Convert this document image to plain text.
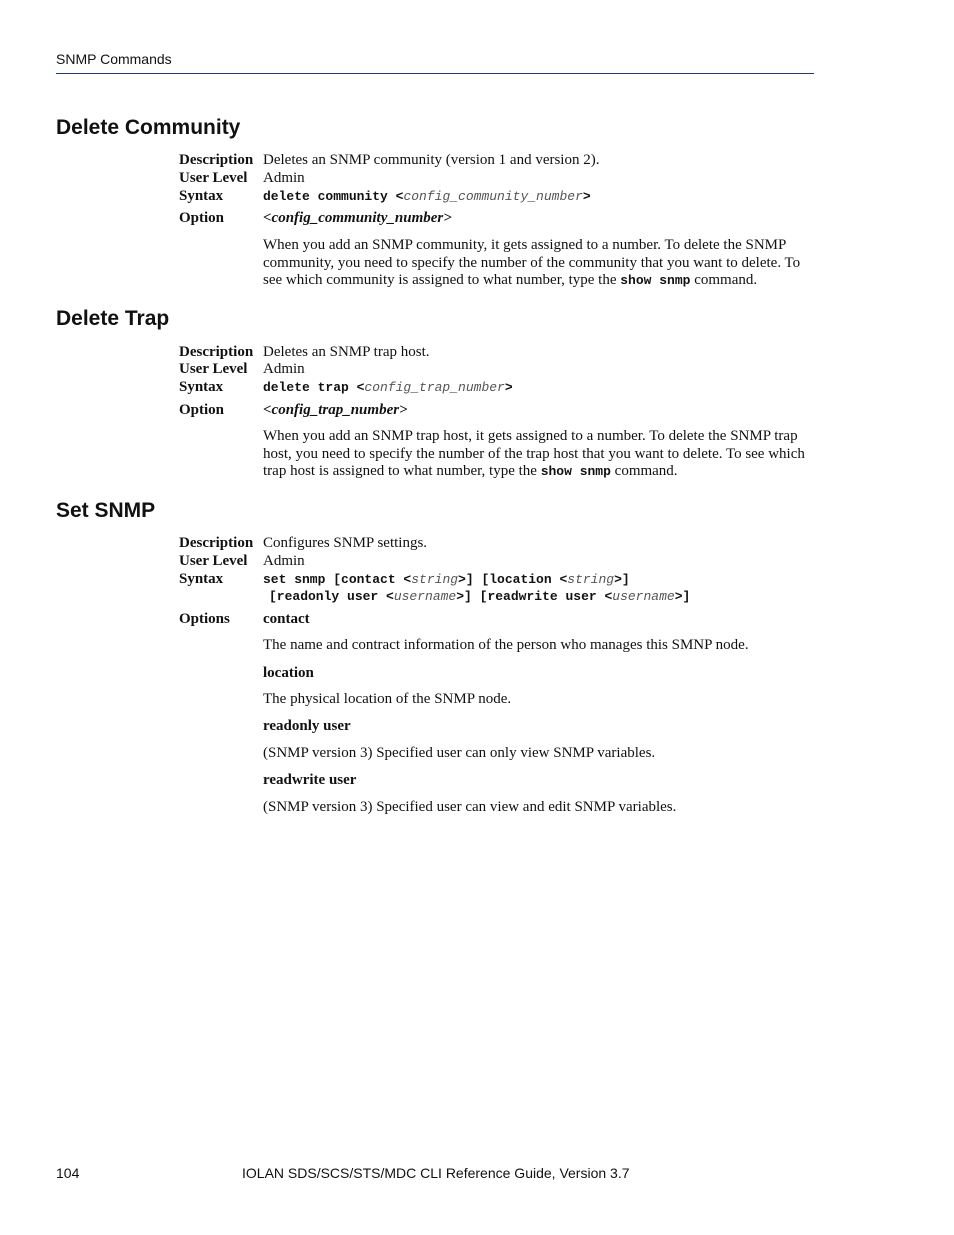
SNMP Commands
Delete Community
Description Deletes an SNMP community (version 1 and version 2).
User Level Admin
Syntax	delete community <config_community_number>
Option	<config_community_number>
When you add an SNMP community, it gets assigned to a number. To delete the SNMP community, you need to specify the number of the community that you want to delete. To see which community is assigned to what number, type the show snmp command.
Delete Trap
Description Deletes an SNMP trap host.
User Level Admin
Syntax	delete trap <config_trap_number>
Option	<config_trap_number>
When you add an SNMP trap host, it gets assigned to a number. To delete the SNMP trap host, you need to specify the number of the trap host that you want to delete. To see which trap host is assigned to what number, type the show snmp command.
Set SNMP
Description Configures SNMP settings.
User Level Admin
Syntax	set snmp [contact <string>] [location <string>]
[readonly user <username>] [readwrite user <username>]
Options contact
The name and contract information of the person who manages this SMNP node.
location
The physical location of the SNMP node.
readonly user
(SNMP version 3) Specified user can only view SNMP variables.
readwrite user
(SNMP version 3) Specified user can view and edit SNMP variables.
104	IOLAN SDS/SCS/STS/MDC CLI Reference Guide, Version 3.7
